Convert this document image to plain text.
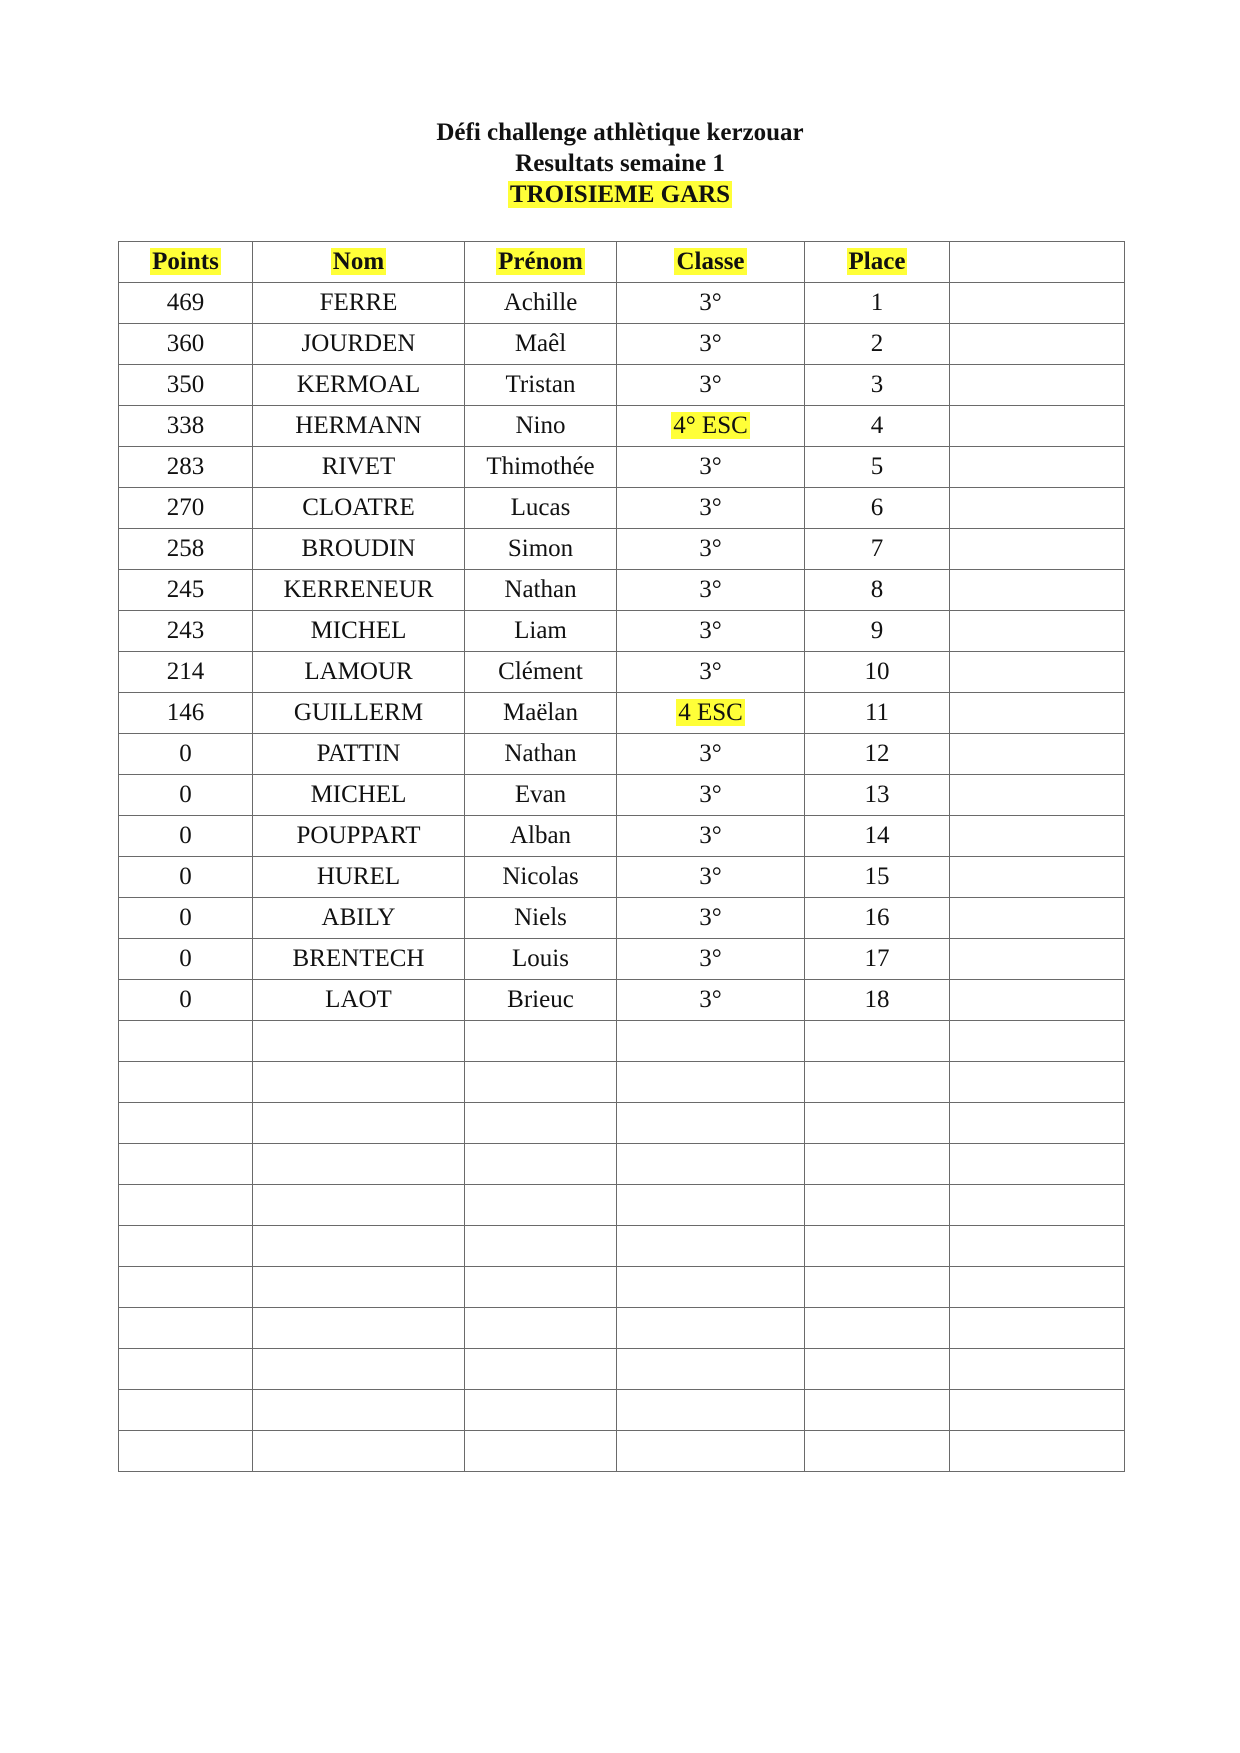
Défi challenge athlètique kerzouar
Resultats semaine 1
TROISIEME GARS
Points	Nom	Prénom	Classe	Place	
469	FERRE	Achille	3°	1	
360	JOURDEN	Maêl	3°	2	
350	KERMOAL	Tristan	3°	3	
338	HERMANN	Nino	4° ESC	4	
283	RIVET	Thimothée	3°	5	
270	CLOATRE	Lucas	3°	6	
258	BROUDIN	Simon	3°	7	
245	KERRENEUR	Nathan	3°	8	
243	MICHEL	Liam	3°	9	
214	LAMOUR	Clément	3°	10	
146	GUILLERM	Maëlan	4 ESC	11	
0	PATTIN	Nathan	3°	12	
0	MICHEL	Evan	3°	13	
0	POUPPART	Alban	3°	14	
0	HUREL	Nicolas	3°	15	
0	ABILY	Niels	3°	16	
0	BRENTECH	Louis	3°	17	
0	LAOT	Brieuc	3°	18	
